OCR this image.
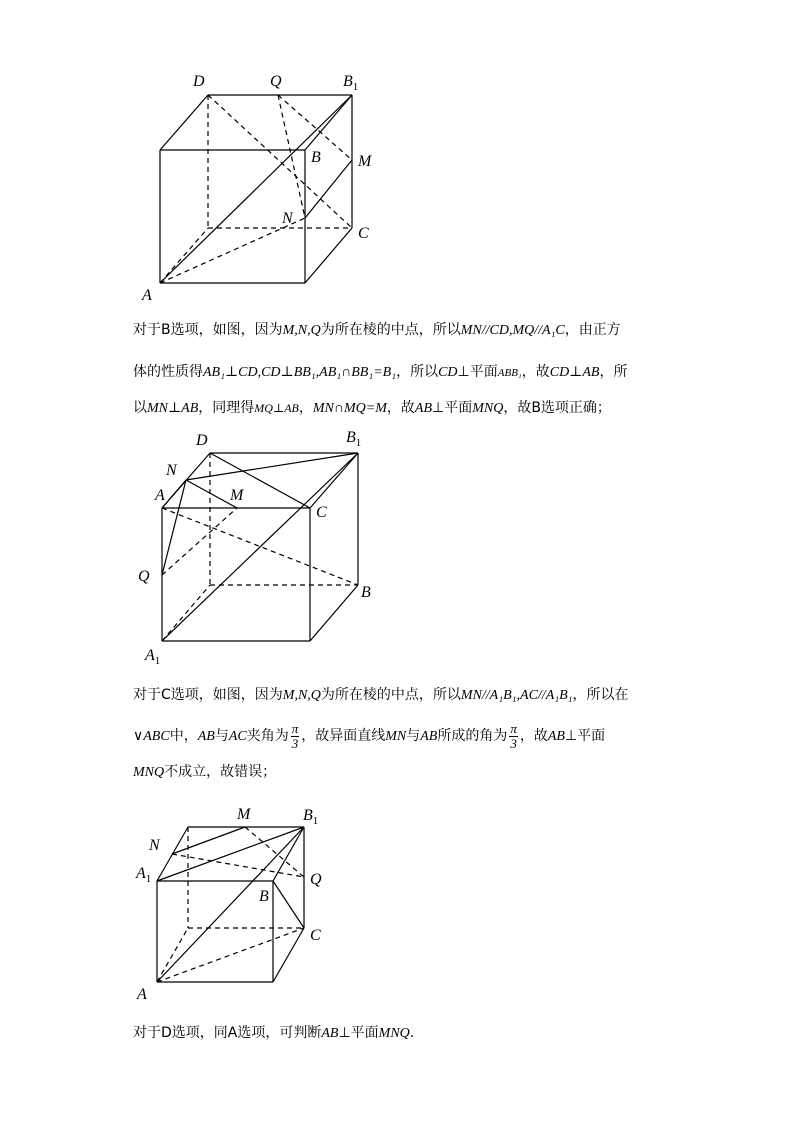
D	Q	$B_1$
B M
N
C
A
对于B选项，如图，因为M,N,Q为所在棱的中点，所以MN//CD,MQ//A₁C，由正方
体的性质得AB₁⊥CD,CD⊥BB₁,AB₁∩BB₁=B₁，所以CD⊥平面ABB₁，故CD⊥AB，所
以MN⊥AB，同理得MQ⊥AB，MN∩MQ=M，故AB⊥平面MNQ，故B选项正确；
D	$B_1$
N
A	M
C
Q
B
$A_1$
对于C选项，如图，因为M,N,Q为所在棱的中点，所以MN//A₁B₁,AC//A₁B₁，所以在
∨ABC中，AB与AC夹角为 $\frac{\pi}{3}$ ，故异面直线MN与AB所成的角为 $\frac{\pi}{3}$ ，故AB⊥平面
MNQ不成立，故错误；
M	$B_1$
N
$A_1$	Q
B
C
A
对于D选项，同A选项，可判断AB⊥平面MNQ.
